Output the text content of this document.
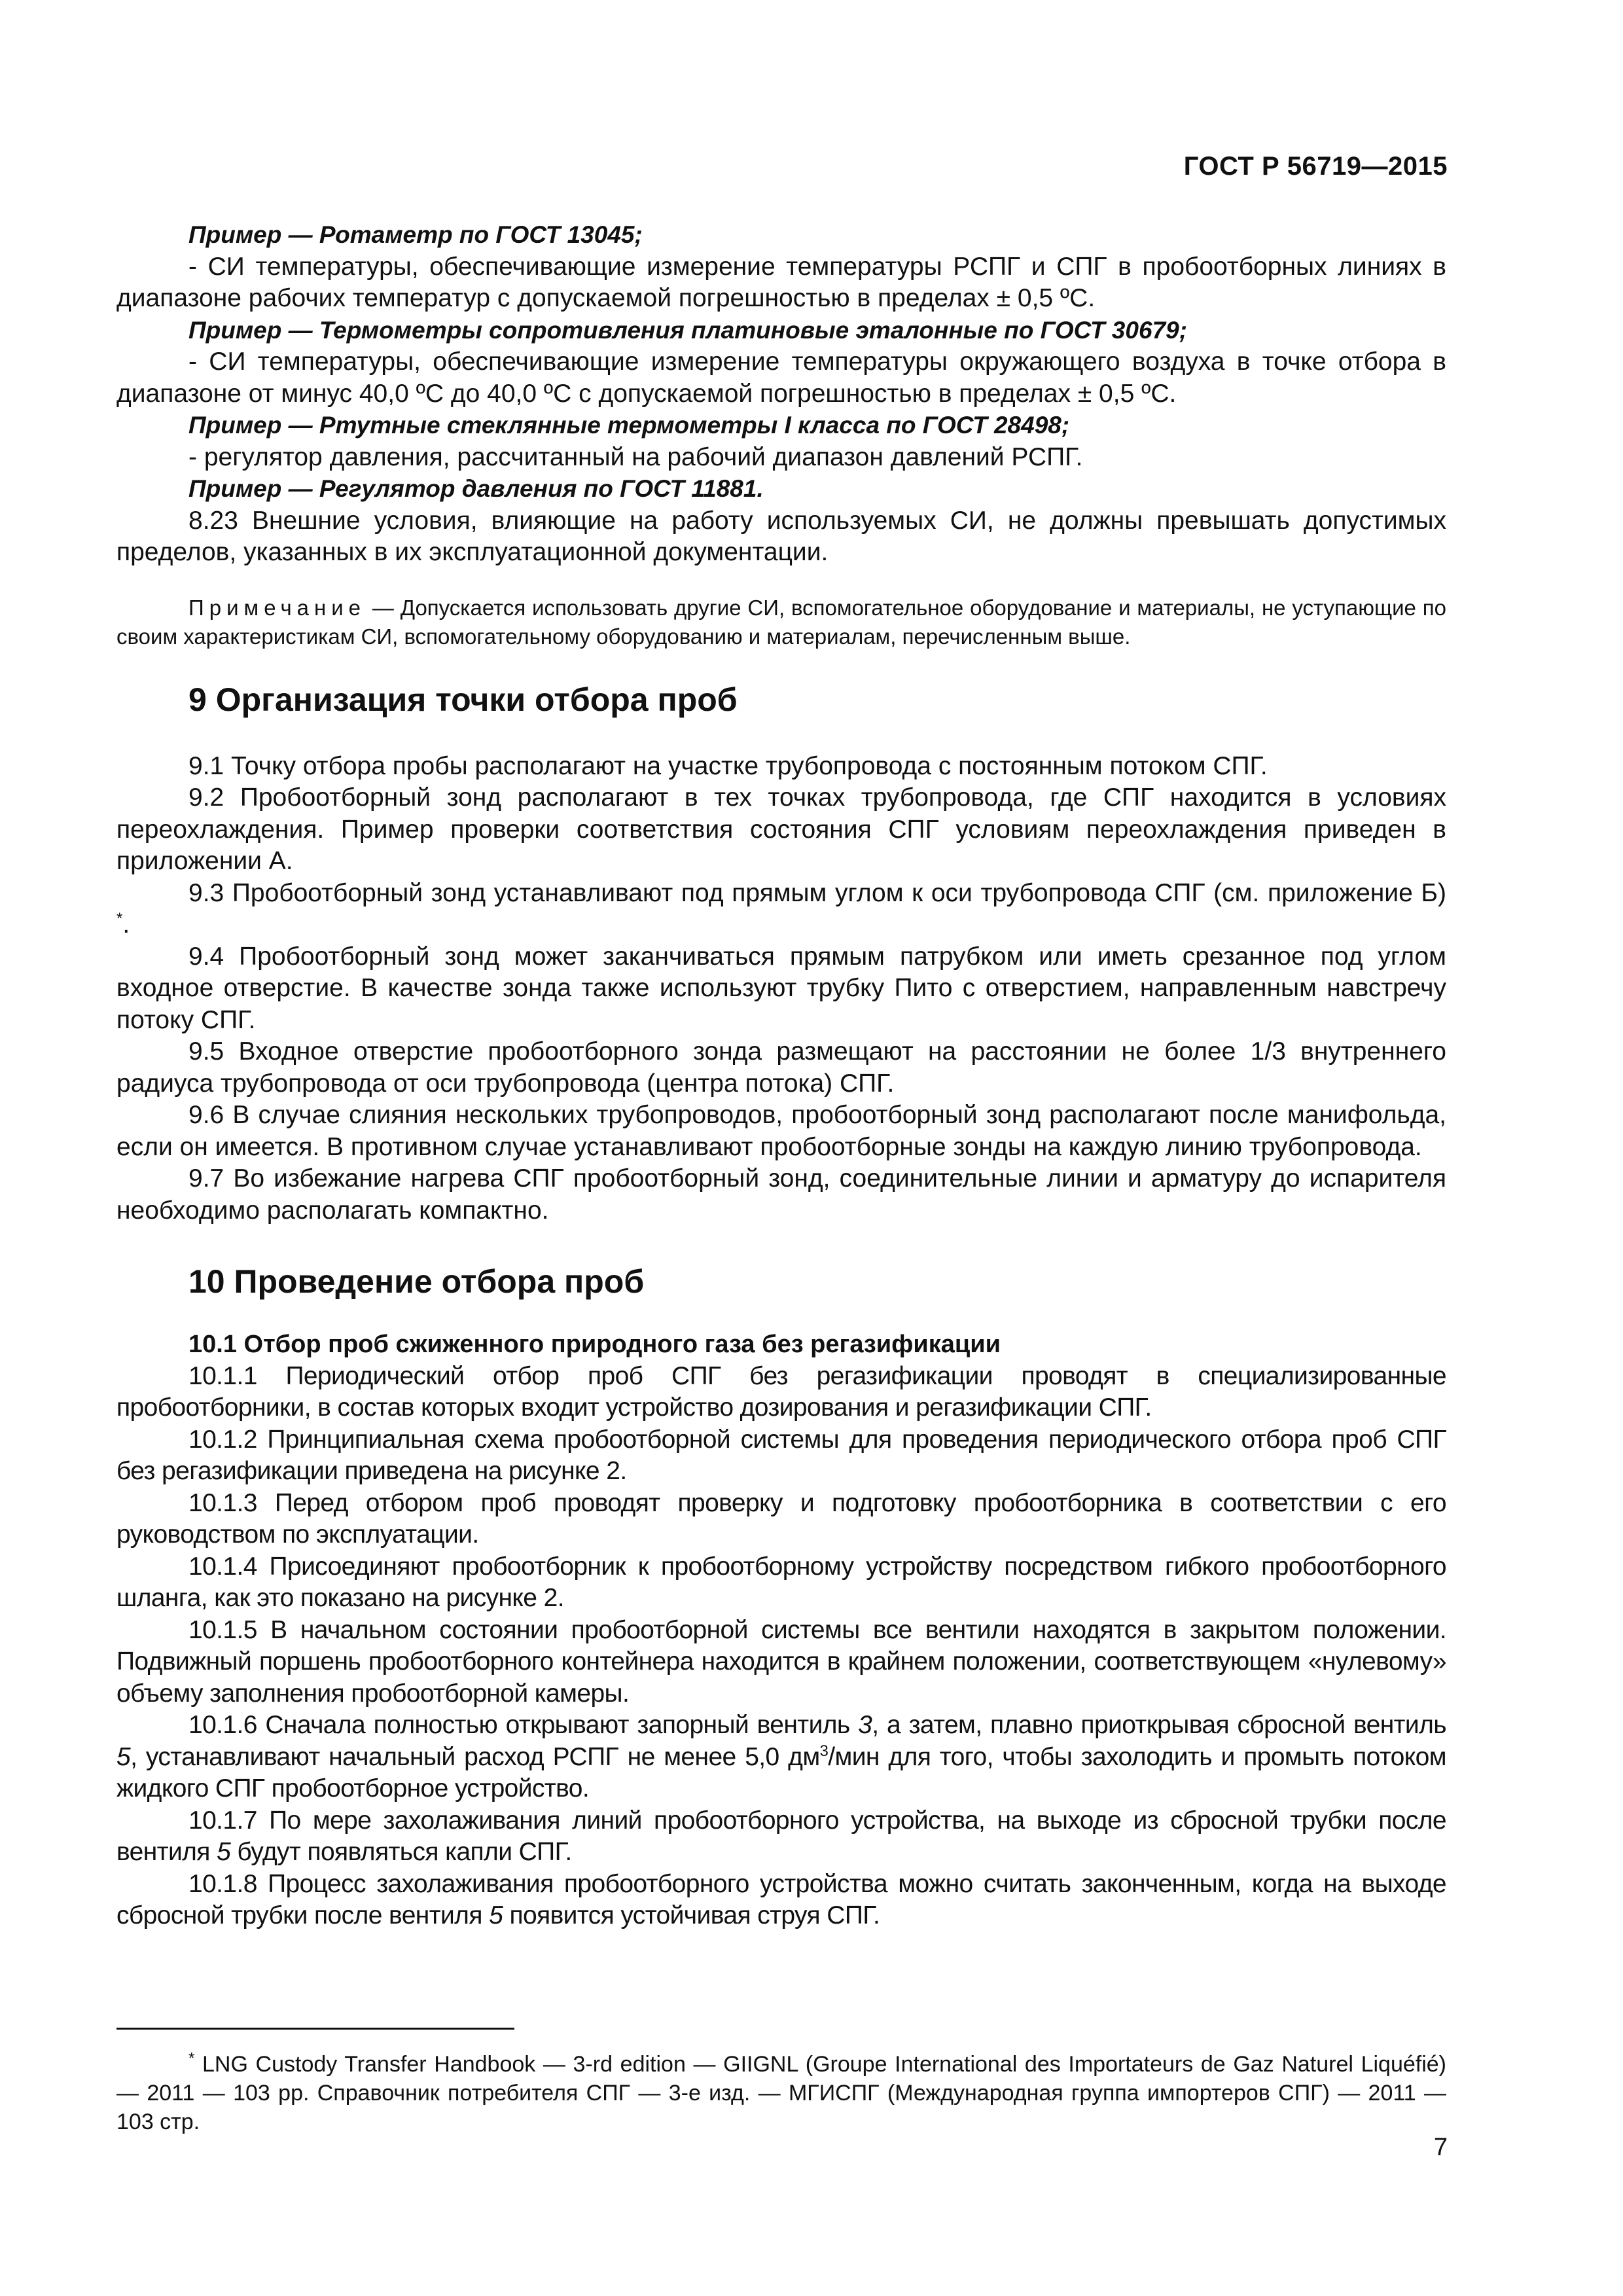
ГОСТ Р 56719—2015

Пример — Ротаметр по ГОСТ 13045;

- СИ температуры, обеспечивающие измерение температуры РСПГ и СПГ в пробоотборных линиях в диапазоне рабочих температур с допускаемой погрешностью в пределах ± 0,5 ºС.

Пример — Термометры сопротивления платиновые эталонные по ГОСТ 30679;

- СИ температуры, обеспечивающие измерение температуры окружающего воздуха в точке отбора в диапазоне от минус 40,0 ºС до 40,0 ºС с допускаемой погрешностью в пределах ± 0,5 ºС.

Пример — Ртутные стеклянные термометры I класса по ГОСТ 28498;

- регулятор давления, рассчитанный на рабочий диапазон давлений РСПГ.

Пример — Регулятор давления по ГОСТ 11881.

8.23 Внешние условия, влияющие на работу используемых СИ, не должны превышать допустимых пределов, указанных в их эксплуатационной документации.

Примечание — Допускается использовать другие СИ, вспомогательное оборудование и материалы, не уступающие по своим характеристикам СИ, вспомогательному оборудованию и материалам, перечисленным выше.

9 Организация точки отбора проб

9.1 Точку отбора пробы располагают на участке трубопровода с постоянным потоком СПГ.

9.2 Пробоотборный зонд располагают в тех точках трубопровода, где СПГ находится в условиях переохлаждения. Пример проверки соответствия состояния СПГ условиям переохлаждения приведен в приложении А.

9.3 Пробоотборный зонд устанавливают под прямым углом к оси трубопровода СПГ (см. приложение Б) *.

9.4 Пробоотборный зонд может заканчиваться прямым патрубком или иметь срезанное под углом входное отверстие. В качестве зонда также используют трубку Пито с отверстием, направленным навстречу потоку СПГ.

9.5 Входное отверстие пробоотборного зонда размещают на расстоянии не более 1/3 внутреннего радиуса трубопровода от оси трубопровода (центра потока) СПГ.

9.6 В случае слияния нескольких трубопроводов, пробоотборный зонд располагают после манифольда, если он имеется. В противном случае устанавливают пробоотборные зонды на каждую линию трубопровода.

9.7 Во избежание нагрева СПГ пробоотборный зонд, соединительные линии и арматуру до испарителя необходимо располагать компактно.

10 Проведение отбора проб

10.1 Отбор проб сжиженного природного газа без регазификации

10.1.1 Периодический отбор проб СПГ без регазификации проводят в специализированные пробоотборники, в состав которых входит устройство дозирования и регазификации СПГ.

10.1.2 Принципиальная схема пробоотборной системы для проведения периодического отбора проб СПГ без регазификации приведена на рисунке 2.

10.1.3 Перед отбором проб проводят проверку и подготовку пробоотборника в соответствии с его руководством по эксплуатации.

10.1.4 Присоединяют пробоотборник к пробоотборному устройству посредством гибкого пробоотборного шланга, как это показано на рисунке 2.

10.1.5 В начальном состоянии пробоотборной системы все вентили находятся в закрытом положении. Подвижный поршень пробоотборного контейнера находится в крайнем положении, соответствующем «нулевому» объему заполнения пробоотборной камеры.

10.1.6 Сначала полностью открывают запорный вентиль 3, а затем, плавно приоткрывая сбросной вентиль 5, устанавливают начальный расход РСПГ не менее 5,0 $дм^3$/мин для того, чтобы захолодить и промыть потоком жидкого СПГ пробоотборное устройство.

10.1.7 По мере захолаживания линий пробоотборного устройства, на выходе из сбросной трубки после вентиля 5 будут появляться капли СПГ.

10.1.8 Процесс захолаживания пробоотборного устройства можно считать законченным, когда на выходе сбросной трубки после вентиля 5 появится устойчивая струя СПГ.

* LNG Custody Transfer Handbook — 3-rd edition — GIIGNL (Groupe International des Importateurs de Gaz Naturel Liquéfié) — 2011 — 103 pp. Справочник потребителя СПГ — 3-е изд. — МГИСПГ (Международная группа импортеров СПГ) — 2011 — 103 стр.
7
